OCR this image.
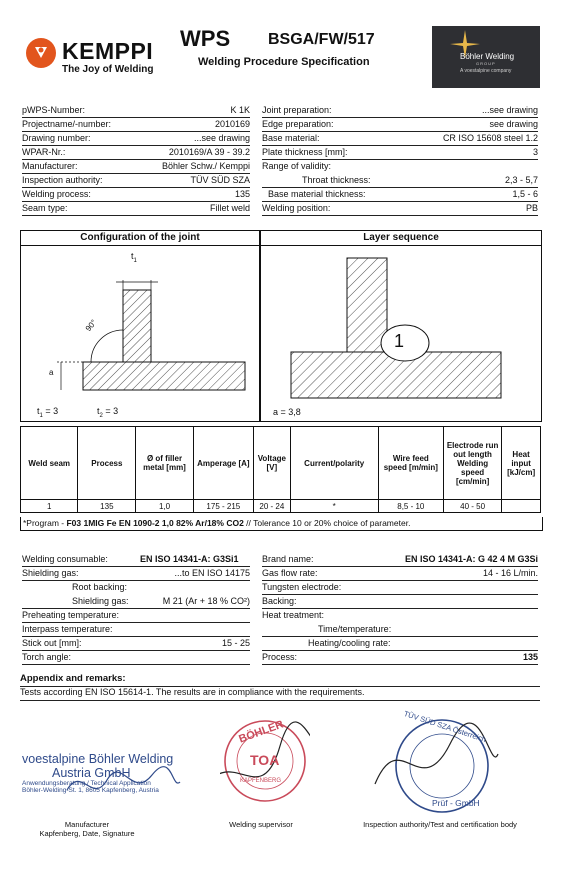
KEMPPI
The Joy of Welding
WPS BSGA/FW/517
Welding Procedure Specification	Böhler Welding
GROUP
A voestalpine company
pWPS-Number:	K 1K
Projectname/-number:	2010169
Drawing number:	...see drawing
WPAR-Nr.:	2010169/A 39 - 39.2
Manufacturer:	Böhler Schw./ Kemppi
Inspection authority:	TÜV SÜD SZA
Welding process:	135
Seam type:	Fillet weld
Joint preparation:	...see drawing
Edge preparation:	see drawing
Base material:	CR ISO 15608 steel 1.2
Plate thickness [mm]:	3
Range of validity:
Throat thickness:	2,3 - 5,7
Base material thickness:	1,5 - 6
Welding position:	PB
Configuration of the joint
$t_1$
90°
a
$t_1 = 3$	$t_2 = 3$
Layer sequence
1
a = 3,8
Weld seam	Process	Ø of filler metal [mm]	Amperage [A]	Voltage [V]	Current/polarity	Wire feed speed [m/min]	Electrode run out length Welding speed [cm/min]	Heat input [kJ/cm]
1	135	1,0	175 - 215	20 - 24	*	8,5 - 10	40 - 50	
*Program - F03 1MIG Fe EN 1090-2 1,0 82% Ar/18% CO2 // Tolerance 10 or 20% choice of parameter.
Welding consumable:	EN ISO 14341-A: G3Si1
Shielding gas:	...to EN ISO 14175
Root backing:
Shielding gas:	M 21 (Ar + 18 % CO²)
Preheating temperature:
Interpass temperature:
Stick out [mm]:	15 - 25
Torch angle:
Brand name:	EN ISO 14341-A: G 42 4 M G3Si
Gas flow rate:	14 - 16 L/min.
Tungsten electrode:
Backing:
Heat treatment:
Time/temperature:
Heating/cooling rate:
Process:	135
Appendix and remarks:
Tests according EN ISO 15614-1. The results are in compliance with the requirements.
voestalpine Böhler Welding
Austria GmbH
Anwendungsberatung / Technical Application
Böhler-Welding-St. 1, 8605 Kapfenberg, Austria
BÖHLER
TOA
KAPFENBERG
TÜV SÜD SZA Österreich
Prüf - GmbH
Manufacturer
Kapfenberg, Date, Signature
Welding supervisor	Inspection authority/Test and certification body
